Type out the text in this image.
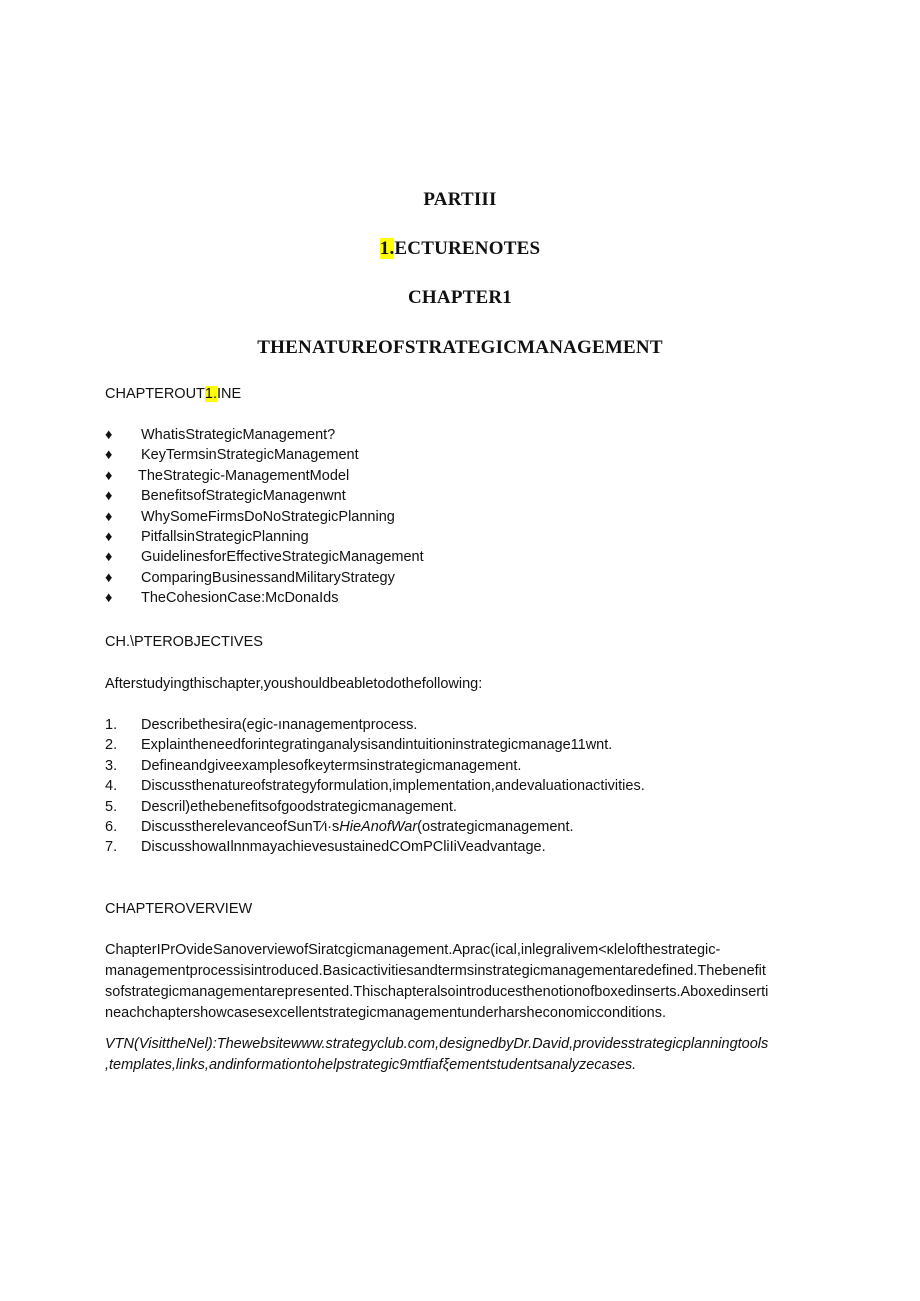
PARTIII
1.ECTURENOTES
CHAPTER1
THENATUREOFSTRATEGICMANAGEMENT
CHAPTEROUT1.INE
♦ WhatisStrategicManagement?
♦ KeyTermsinStrategicManagement
♦ TheStrategic-ManagementModel
♦ BenefitsofStrategicManagenwnt
♦ WhySomeFirmsDoNoStrategicPlanning
♦ PitfallsinStrategicPlanning
♦ GuidelinesforEffectiveStrategicManagement
♦ ComparingBusinessandMilitaryStrategy
♦ TheCohesionCase:McDonaIds
CH.\PTEROBJECTIVES
Afterstudyingthischapter,youshouldbeabletodothefollowing:
1. Describethesira(egic-ınanagementprocess.
2. Explaintheneedforintegratinganalysisandintuitioninstrategicmanage11wnt.
3. Defineandgiveexamplesofkeytermsinstrategicmanagement.
4. Discussthenatureofstrategyformulation,implementation,andevaluationactivities.
5. Descril)ethebenefitsofgoodstrategicmanagement.
6. DiscusstherelevanceofSunT⁄ι·sHieAnofWar(ostrategicmanagement.
7. DiscusshowaIlnnmayachievesustainedCOmPCliIiVeadvantage.
CHAPTEROVERVIEW
ChapterIPrOvideSanoverviewofSiratcgicmanagement.Aprac(ical,inlegralivem<κlelofthestrategic-
managementprocessisintroduced.Basicactivitiesandtermsinstrategicmanagementaredefined.Thebenefit
sofstrategicmanagementarepresented.Thischapteralsointroducesthenotionofboxedinserts.Aboxedinserti
neachchaptershowcasesexcellentstrategicmanagementunderharsheconomicconditions.
VTN(VisittheNel):Thewebsitewww.strategyclub.com,designedbyDr.David,providesstrategicplanningtools
,templates,links,andinformationtohelpstrategic9mtfiafξementstudentsanalyzecases.
